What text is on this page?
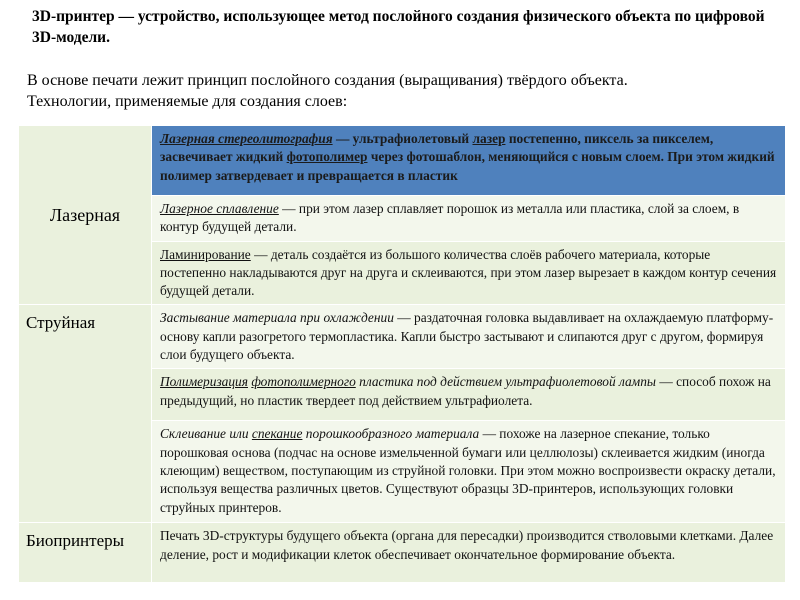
3D-принтер — устройство, использующее метод послойного создания физического объекта по цифровой 3D-модели.
В основе печати лежит принцип послойного создания (выращивания) твёрдого объекта.
Технологии, применяемые для создания слоев:
Лазерная	Лазерная стереолитография — ультрафиолетовый лазер постепенно, пиксель за пикселем, засвечивает жидкий фотополимер через фотошаблон, меняющийся с новым слоем. При этом жидкий полимер затвердевает и превращается в пластик
	Лазерное сплавление — при этом лазер сплавляет порошок из металла или пластика, слой за слоем, в контур будущей детали.
	Ламинирование — деталь создаётся из большого количества слоёв рабочего материала, которые постепенно накладываются друг на друга и склеиваются, при этом лазер вырезает в каждом контур сечения будущей детали.
Струйная	Застывание материала при охлаждении — раздаточная головка выдавливает на охлаждаемую платформу-основу капли разогретого термопластика. Капли быстро застывают и слипаются друг с другом, формируя слои будущего объекта.
	Полимеризация фотополимерного пластика под действием ультрафиолетовой лампы — способ похож на предыдущий, но пластик твердеет под действием ультрафиолета.
	Склеивание или спекание порошкообразного материала — похоже на лазерное спекание, только порошковая основа (подчас на основе измельченной бумаги или целлюлозы) склеивается жидким (иногда клеющим) веществом, поступающим из струйной головки. При этом можно воспроизвести окраску детали, используя вещества различных цветов. Существуют образцы 3D-принтеров, использующих головки струйных принтеров.
Биопринтеры	Печать 3D-структуры будущего объекта (органа для пересадки) производится стволовыми клетками. Далее деление, рост и модификации клеток обеспечивает окончательное формирование объекта.
